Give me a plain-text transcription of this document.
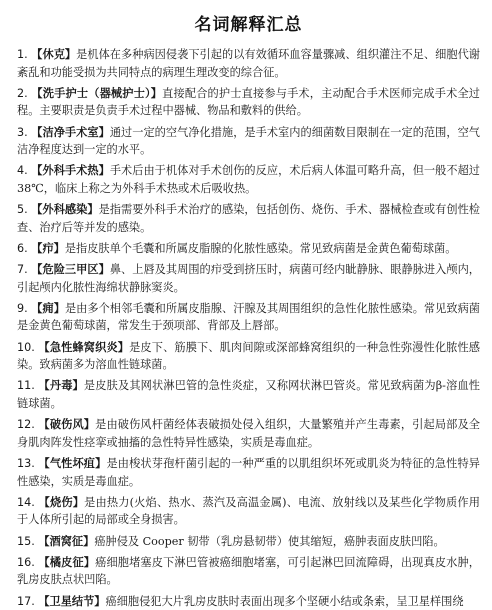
名词解释汇总

1. 【休克】是机体在多种病因侵袭下引起的以有效循环血容量骤减、组织灌注不足、细胞代谢紊乱和功能受损为共同特点的病理生理改变的综合征。

2. 【洗手护士（器械护士）】直接配合的护士直接参与手术，主动配合手术医师完成手术全过程。主要职责是负责手术过程中器械、物品和敷料的供给。

3. 【洁净手术室】通过一定的空气净化措施，是手术室内的细菌数目限制在一定的范围，空气洁净程度达到一定的水平。

4. 【外科手术热】手术后由于机体对手术创伤的反应，术后病人体温可略升高，但一般不超过 38℃，临床上称之为外科手术热或术后吸收热。

5. 【外科感染】是指需要外科手术治疗的感染，包括创伤、烧伤、手术、器械检查或有创性检查、治疗后等并发的感染。

6. 【疖】是指皮肤单个毛囊和所属皮脂腺的化脓性感染。常见致病菌是金黄色葡萄球菌。

7. 【危险三甲区】鼻、上唇及其周围的疖受到挤压时，病菌可经内眦静脉、眼静脉进入颅内，引起颅内化脓性海绵状静脉窦炎。

9. 【痈】是由多个相邻毛囊和所属皮脂腺、汗腺及其周围组织的急性化脓性感染。常见致病菌是金黄色葡萄球菌，常发生于颈项部、背部及上唇部。

10. 【急性蜂窝织炎】是皮下、筋膜下、肌肉间隙或深部蜂窝组织的一种急性弥漫性化脓性感染。致病菌多为溶血性链球菌。

11. 【丹毒】是皮肤及其网状淋巴管的急性炎症，又称网状淋巴管炎。常见致病菌为β-溶血性链球菌。

12. 【破伤风】是由破伤风杆菌经体表破损处侵入组织，大量繁殖并产生毒素，引起局部及全身肌肉阵发性痉挛或抽搐的急性特异性感染，实质是毒血症。

13. 【气性坏疽】是由梭状芽孢杆菌引起的一种严重的以肌组织坏死或肌炎为特征的急性特异性感染，实质是毒血症。

14. 【烧伤】是由热力(火焰、热水、蒸汽及高温金属)、电流、放射线以及某些化学物质作用于人体所引起的局部或全身损害。

15. 【酒窝征】癌肿侵及 Cooper 韧带（乳房悬韧带）使其缩短，癌肿表面皮肤凹陷。

16. 【橘皮征】癌细胞堵塞皮下淋巴管被癌细胞堵塞，可引起淋巴回流障碍，出现真皮水肿，乳房皮肤点状凹陷。

17. 【卫星结节】癌细胞侵犯大片乳房皮肤时表面出现多个坚硬小结或条索，呈卫星样围绕
